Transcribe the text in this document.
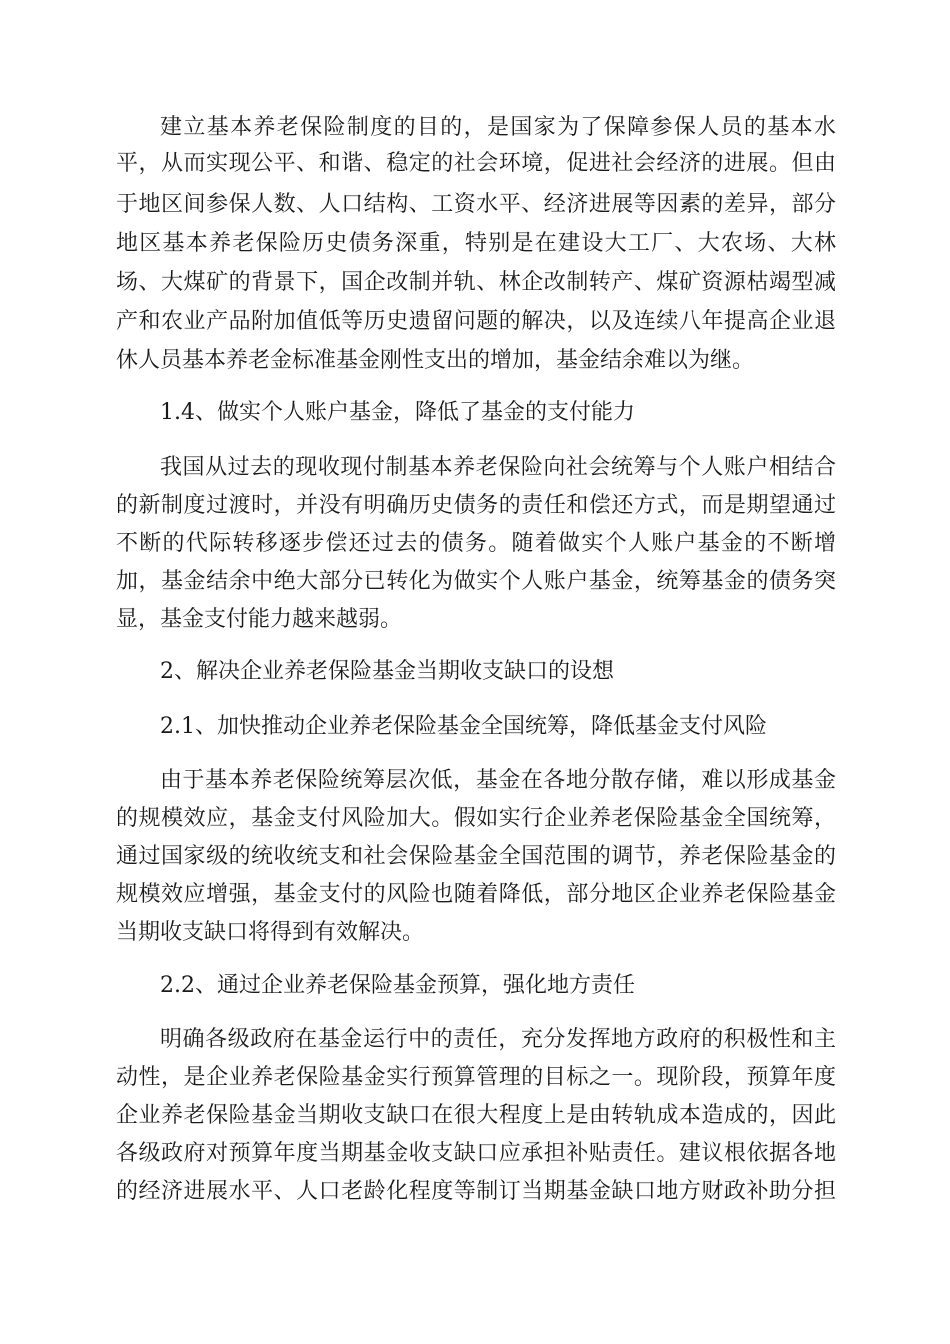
建立基本养老保险制度的目的，是国家为了保障参保人员的基本水
平，从而实现公平、和谐、稳定的社会环境，促进社会经济的进展。但由
于地区间参保人数、人口结构、工资水平、经济进展等因素的差异，部分
地区基本养老保险历史债务深重，特别是在建设大工厂、大农场、大林
场、大煤矿的背景下，国企改制并轨、林企改制转产、煤矿资源枯竭型减
产和农业产品附加值低等历史遗留问题的解决，以及连续八年提高企业退
休人员基本养老金标准基金刚性支出的增加，基金结余难以为继。
1.4、做实个人账户基金，降低了基金的支付能力
我国从过去的现收现付制基本养老保险向社会统筹与个人账户相结合
的新制度过渡时，并没有明确历史债务的责任和偿还方式，而是期望通过
不断的代际转移逐步偿还过去的债务。随着做实个人账户基金的不断增
加，基金结余中绝大部分已转化为做实个人账户基金，统筹基金的债务突
显，基金支付能力越来越弱。
2、解决企业养老保险基金当期收支缺口的设想
2.1、加快推动企业养老保险基金全国统筹，降低基金支付风险
由于基本养老保险统筹层次低，基金在各地分散存储，难以形成基金
的规模效应，基金支付风险加大。假如实行企业养老保险基金全国统筹，
通过国家级的统收统支和社会保险基金全国范围的调节，养老保险基金的
规模效应增强，基金支付的风险也随着降低，部分地区企业养老保险基金
当期收支缺口将得到有效解决。
2.2、通过企业养老保险基金预算，强化地方责任
明确各级政府在基金运行中的责任，充分发挥地方政府的积极性和主
动性，是企业养老保险基金实行预算管理的目标之一。现阶段，预算年度
企业养老保险基金当期收支缺口在很大程度上是由转轨成本造成的，因此
各级政府对预算年度当期基金收支缺口应承担补贴责任。建议根依据各地
的经济进展水平、人口老龄化程度等制订当期基金缺口地方财政补助分担
